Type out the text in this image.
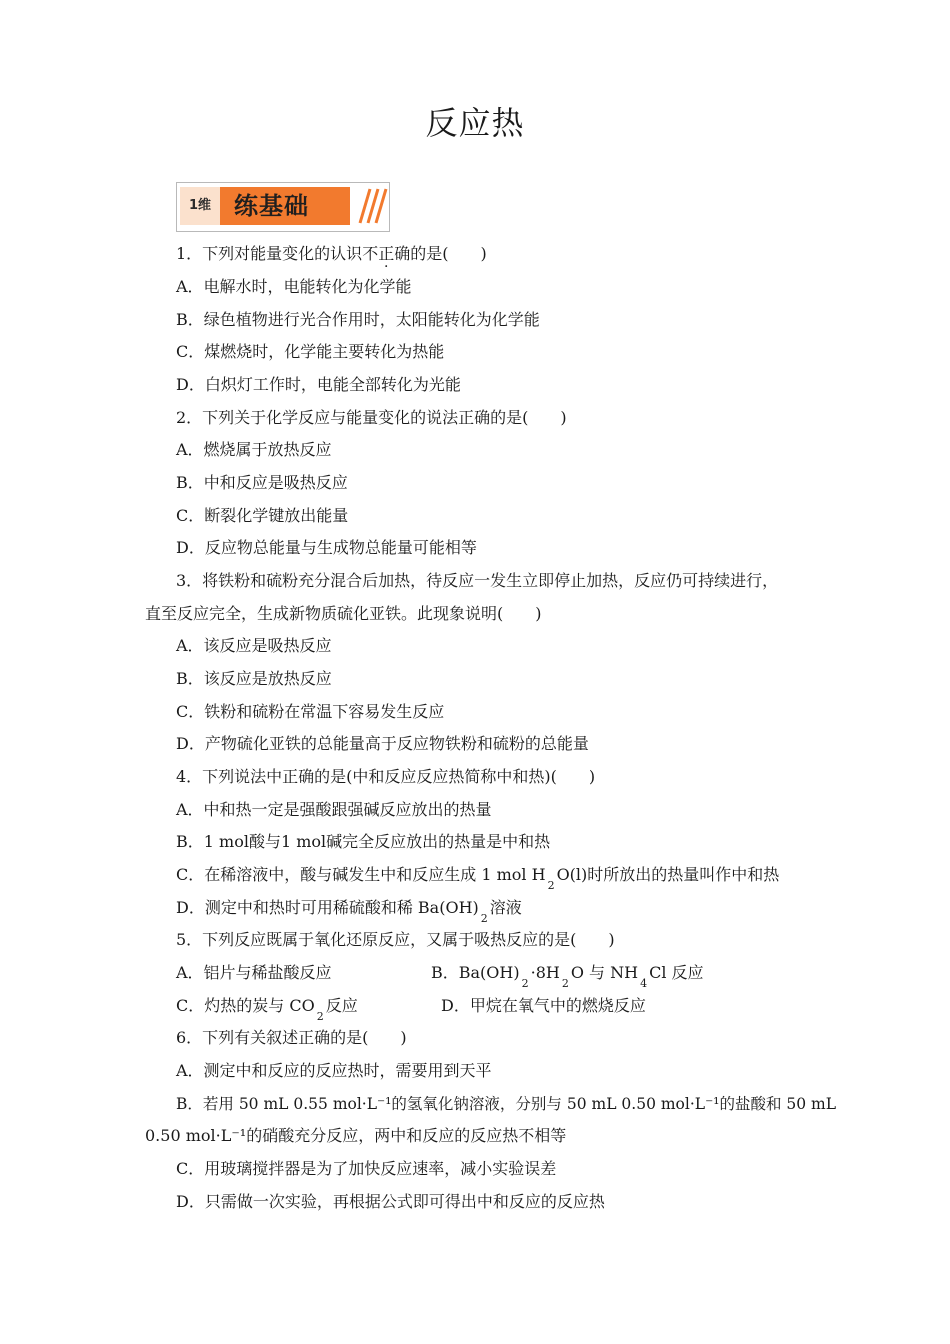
反应热
1维 练基础
1．下列对能量变化的认识不正确的是(　　)
A．电解水时，电能转化为化学能
B．绿色植物进行光合作用时，太阳能转化为化学能
C．煤燃烧时，化学能主要转化为热能
D．白炽灯工作时，电能全部转化为光能
2．下列关于化学反应与能量变化的说法正确的是(　　)
A．燃烧属于放热反应
B．中和反应是吸热反应
C．断裂化学键放出能量
D．反应物总能量与生成物总能量可能相等
3．将铁粉和硫粉充分混合后加热，待反应一发生立即停止加热，反应仍可持续进行，
直至反应完全，生成新物质硫化亚铁。此现象说明(　　)
A．该反应是吸热反应
B．该反应是放热反应
C．铁粉和硫粉在常温下容易发生反应
D．产物硫化亚铁的总能量高于反应物铁粉和硫粉的总能量
4．下列说法中正确的是(中和反应反应热简称中和热)(　　)
A．中和热一定是强酸跟强碱反应放出的热量
B．1 mol酸与1 mol碱完全反应放出的热量是中和热
C．在稀溶液中，酸与碱发生中和反应生成 1 mol $H_2O(l)$时所放出的热量叫作中和热
D．测定中和热时可用稀硫酸和稀 $Ba(OH)_2$溶液
5．下列反应既属于氧化还原反应，又属于吸热反应的是(　　)
A．铝片与稀盐酸反应	B．$Ba(OH)_2\cdot 8H_2O$ 与 $NH_4Cl$ 反应
C．灼热的炭与 $CO_2$反应	D．甲烷在氧气中的燃烧反应
6．下列有关叙述正确的是(　　)
A．测定中和反应的反应热时，需要用到天平
B．若用 50 mL 0.55 mol·L⁻¹的氢氧化钠溶液，分别与 50 mL 0.50 mol·L⁻¹的盐酸和 50 mL
0.50 mol·L⁻¹的硝酸充分反应，两中和反应的反应热不相等
C．用玻璃搅拌器是为了加快反应速率，减小实验误差
D．只需做一次实验，再根据公式即可得出中和反应的反应热
